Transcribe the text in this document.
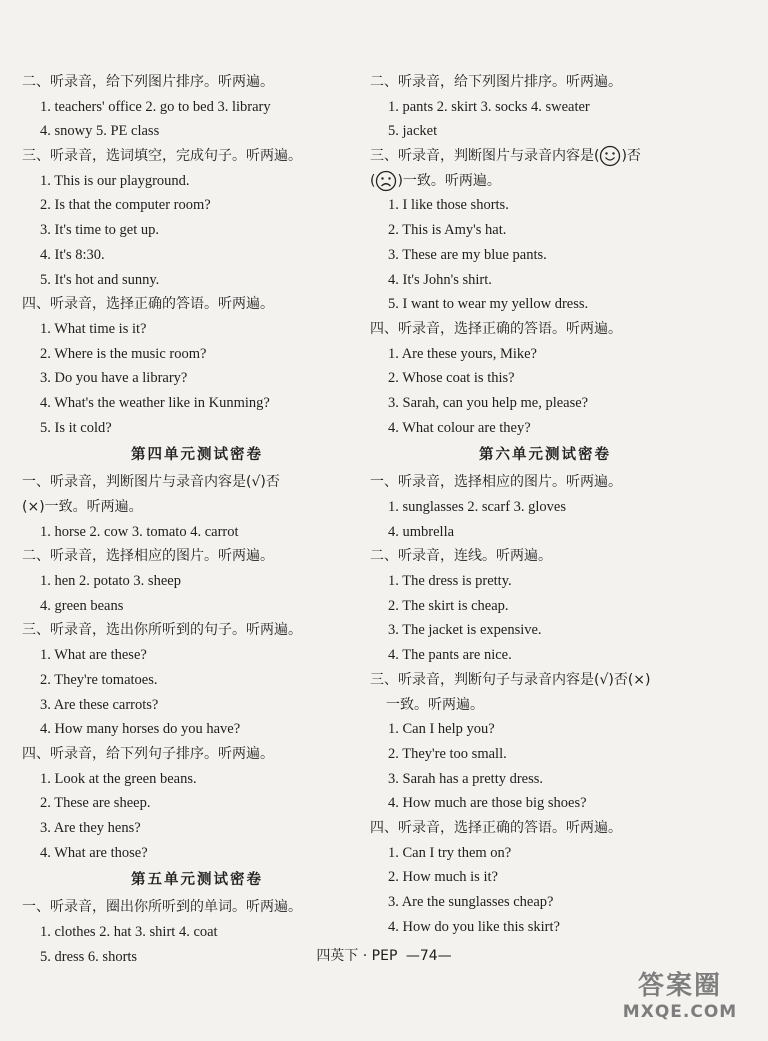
二、听录音，给下列图片排序。听两遍。
1. teachers' office 2. go to bed 3. library
4. snowy 5. PE class
三、听录音，选词填空，完成句子。听两遍。
1. This is our playground.
2. Is that the computer room?
3. It's time to get up.
4. It's 8:30.
5. It's hot and sunny.
四、听录音，选择正确的答语。听两遍。
1. What time is it?
2. Where is the music room?
3. Do you have a library?
4. What's the weather like in Kunming?
5. Is it cold?
第四单元测试密卷
一、听录音，判断图片与录音内容是(√)否
(×)一致。听两遍。
1. horse 2. cow 3. tomato 4. carrot
二、听录音，选择相应的图片。听两遍。
1. hen 2. potato 3. sheep
4. green beans
三、听录音，选出你所听到的句子。听两遍。
1. What are these?
2. They're tomatoes.
3. Are these carrots?
4. How many horses do you have?
四、听录音，给下列句子排序。听两遍。
1. Look at the green beans.
2. These are sheep.
3. Are they hens?
4. What are those?
第五单元测试密卷
一、听录音，圈出你所听到的单词。听两遍。
1. clothes 2. hat 3. shirt 4. coat
5. dress 6. shorts
二、听录音，给下列图片排序。听两遍。
1. pants 2. skirt 3. socks 4. sweater
5. jacket
三、听录音，判断图片与录音内容是( )否
( )一致。听两遍。
1. I like those shorts.
2. This is Amy's hat.
3. These are my blue pants.
4. It's John's shirt.
5. I want to wear my yellow dress.
四、听录音，选择正确的答语。听两遍。
1. Are these yours, Mike?
2. Whose coat is this?
3. Sarah, can you help me, please?
4. What colour are they?
第六单元测试密卷
一、听录音，选择相应的图片。听两遍。
1. sunglasses 2. scarf 3. gloves
4. umbrella
二、听录音，连线。听两遍。
1. The dress is pretty.
2. The skirt is cheap.
3. The jacket is expensive.
4. The pants are nice.
三、听录音，判断句子与录音内容是(√)否(×)
一致。听两遍。
1. Can I help you?
2. They're too small.
3. Sarah has a pretty dress.
4. How much are those big shoes?
四、听录音，选择正确的答语。听两遍。
1. Can I try them on?
2. How much is it?
3. Are the sunglasses cheap?
4. How do you like this skirt?
四英下 · PEP —74—
答案圈
MXQE.COM
